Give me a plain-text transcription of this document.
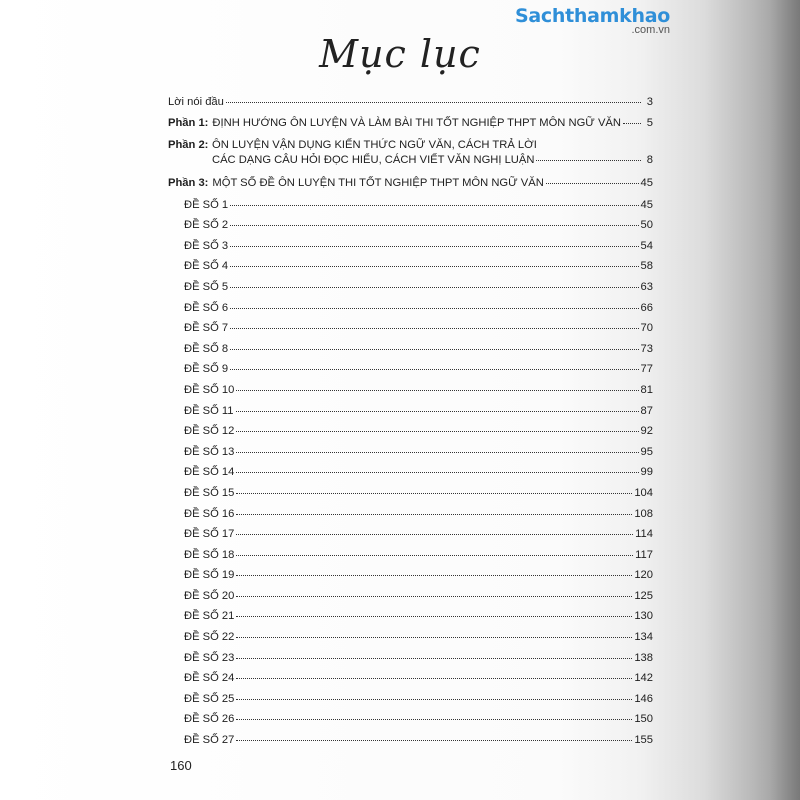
Sachthamkhao
.com.vn
Mục lục
Lời nói đầu	3
Phần 1: ĐỊNH HƯỚNG ÔN LUYỆN VÀ LÀM BÀI THI TỐT NGHIỆP THPT MÔN NGỮ VĂN	5
Phần 2: ÔN LUYỆN VẬN DỤNG KIẾN THỨC NGỮ VĂN, CÁCH TRẢ LỜI
CÁC DẠNG CÂU HỎI ĐỌC HIỂU, CÁCH VIẾT VĂN NGHỊ LUẬN	8
Phần 3: MỘT SỐ ĐỀ ÔN LUYỆN THI TỐT NGHIỆP THPT MÔN NGỮ VĂN	45
ĐỀ SỐ 1	45
ĐỀ SỐ 2	50
ĐỀ SỐ 3	54
ĐỀ SỐ 4	58
ĐỀ SỐ 5	63
ĐỀ SỐ 6	66
ĐỀ SỐ 7	70
ĐỀ SỐ 8	73
ĐỀ SỐ 9	77
ĐỀ SỐ 10	81
ĐỀ SỐ 11	87
ĐỀ SỐ 12	92
ĐỀ SỐ 13	95
ĐỀ SỐ 14	99
ĐỀ SỐ 15	104
ĐỀ SỐ 16	108
ĐỀ SỐ 17	114
ĐỀ SỐ 18	117
ĐỀ SỐ 19	120
ĐỀ SỐ 20	125
ĐỀ SỐ 21	130
ĐỀ SỐ 22	134
ĐỀ SỐ 23	138
ĐỀ SỐ 24	142
ĐỀ SỐ 25	146
ĐỀ SỐ 26	150
ĐỀ SỐ 27	155
160
